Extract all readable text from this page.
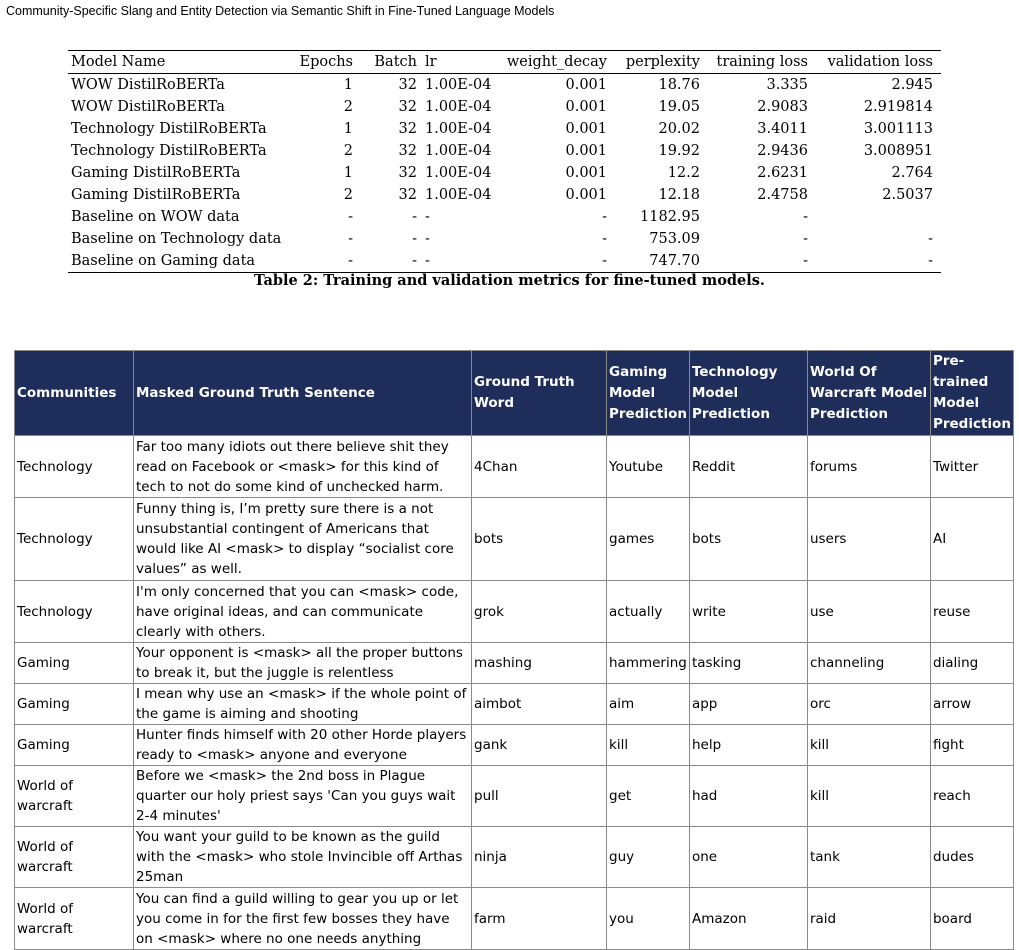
Community-Specific Slang and Entity Detection via Semantic Shift in Fine-Tuned Language Models
Model Name	Epochs	Batch	lr	weight_decay	perplexity	training loss	validation loss
WOW DistilRoBERTa	1	32	1.00E-04	0.001	18.76	3.335	2.945
WOW DistilRoBERTa	2	32	1.00E-04	0.001	19.05	2.9083	2.919814
Technology DistilRoBERTa	1	32	1.00E-04	0.001	20.02	3.4011	3.001113
Technology DistilRoBERTa	2	32	1.00E-04	0.001	19.92	2.9436	3.008951
Gaming DistilRoBERTa	1	32	1.00E-04	0.001	12.2	2.6231	2.764
Gaming DistilRoBERTa	2	32	1.00E-04	0.001	12.18	2.4758	2.5037
Baseline on WOW data	-	-	-	-	1182.95	-	
Baseline on Technology data	-	-	-	-	753.09	-	-
Baseline on Gaming data	-	-	-	-	747.70	-	-
Table 2: Training and validation metrics for fine-tuned models.
Communities	Masked Ground Truth Sentence	Ground Truth Word	Gaming Model Prediction	Technology Model Prediction	World Of Warcraft Model Prediction	Pre-trained Model Prediction
Technology	Far too many idiots out there believe shit they read on Facebook or <mask> for this kind of tech to not do some kind of unchecked harm.	4Chan	Youtube	Reddit	forums	Twitter
Technology	Funny thing is, I’m pretty sure there is a not unsubstantial contingent of Americans that would like AI <mask> to display “socialist core values” as well.	bots	games	bots	users	AI
Technology	I'm only concerned that you can <mask> code, have original ideas, and can communicate clearly with others.	grok	actually	write	use	reuse
Gaming	Your opponent is <mask> all the proper buttons to break it, but the juggle is relentless	mashing	hammering	tasking	channeling	dialing
Gaming	I mean why use an <mask> if the whole point of the game is aiming and shooting	aimbot	aim	app	orc	arrow
Gaming	Hunter finds himself with 20 other Horde players ready to <mask> anyone and everyone	gank	kill	help	kill	fight
World of warcraft	Before we <mask> the 2nd boss in Plague quarter our holy priest says 'Can you guys wait 2-4 minutes'	pull	get	had	kill	reach
World of warcraft	You want your guild to be known as the guild with the <mask> who stole Invincible off Arthas 25man	ninja	guy	one	tank	dudes
World of warcraft	You can find a guild willing to gear you up or let you come in for the first few bosses they have on <mask> where no one needs anything	farm	you	Amazon	raid	board
